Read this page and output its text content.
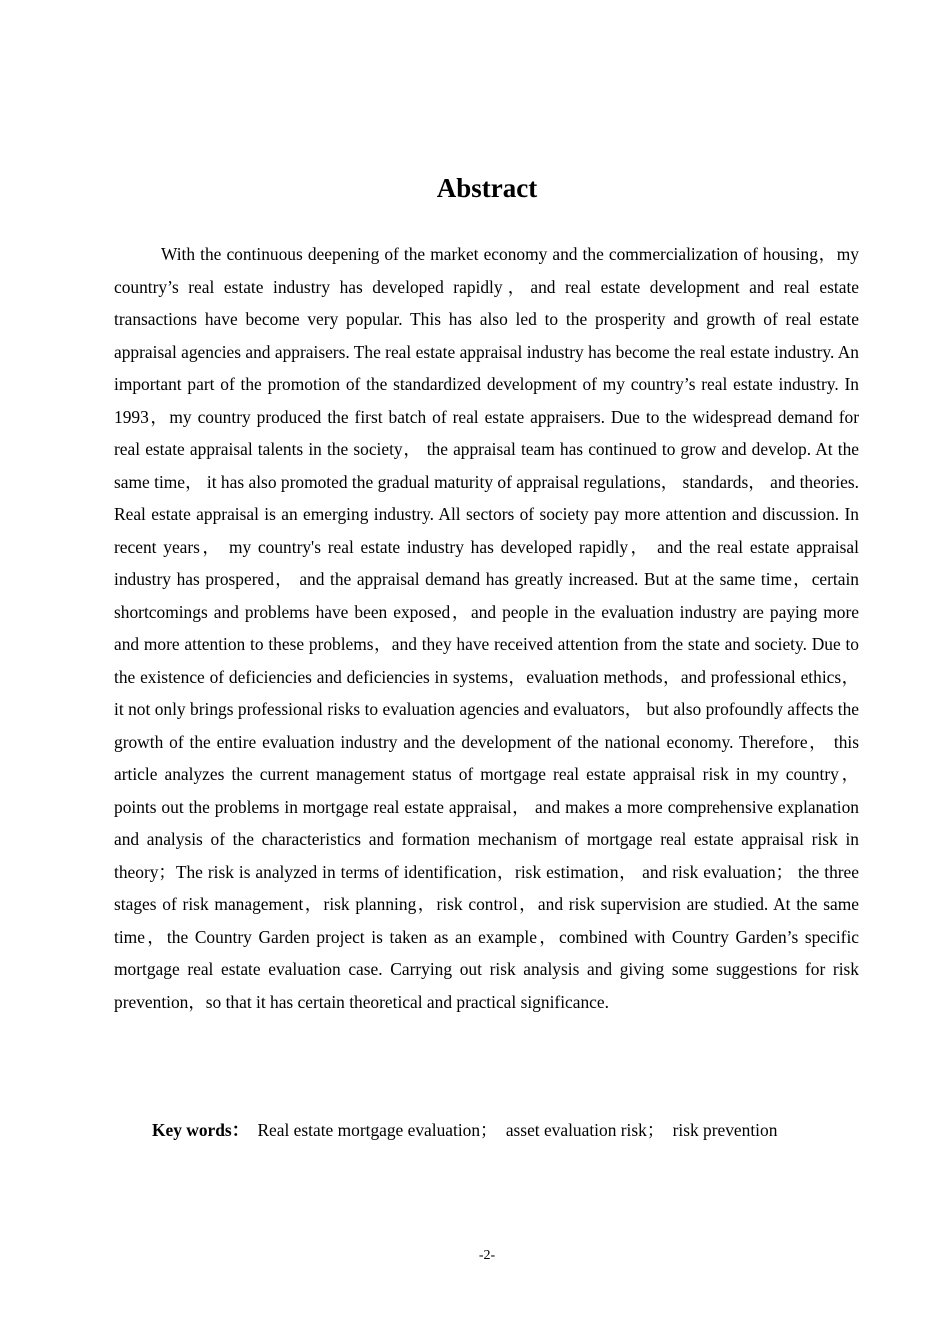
Abstract

With the continuous deepening of the market economy and the commercialization of housing，my country’s real estate industry has developed rapidly，and real estate development and real estate transactions have become very popular. This has also led to the prosperity and growth of real estate appraisal agencies and appraisers. The real estate appraisal industry has become the real estate industry. An important part of the promotion of the standardized development of my country’s real estate industry. In 1993，my country produced the first batch of real estate appraisers. Due to the widespread demand for real estate appraisal talents in the society， the appraisal team has continued to grow and develop. At the same time， it has also promoted the gradual maturity of appraisal regulations， standards， and theories. Real estate appraisal is an emerging industry. All sectors of society pay more attention and discussion. In recent years， my country's real estate industry has developed rapidly， and the real estate appraisal industry has prospered， and the appraisal demand has greatly increased. But at the same time，certain shortcomings and problems have been exposed，and people in the evaluation industry are paying more and more attention to these problems，and they have received attention from the state and society. Due to the existence of deficiencies and deficiencies in systems，evaluation methods，and professional ethics，it not only brings professional risks to evaluation agencies and evaluators， but also profoundly affects the growth of the entire evaluation industry and the development of the national economy. Therefore， this article analyzes the current management status of mortgage real estate appraisal risk in my country， points out the problems in mortgage real estate appraisal， and makes a more comprehensive explanation and analysis of the characteristics and formation mechanism of mortgage real estate appraisal risk in theory；The risk is analyzed in terms of identification，risk estimation， and risk evaluation； the three stages of risk management，risk planning，risk control，and risk supervision are studied. At the same time，the Country Garden project is taken as an example，combined with Country Garden’s specific mortgage real estate evaluation case. Carrying out risk analysis and giving some suggestions for risk prevention，so that it has certain theoretical and practical significance.

Key words： Real estate mortgage evaluation； asset evaluation risk； risk prevention
-2-
